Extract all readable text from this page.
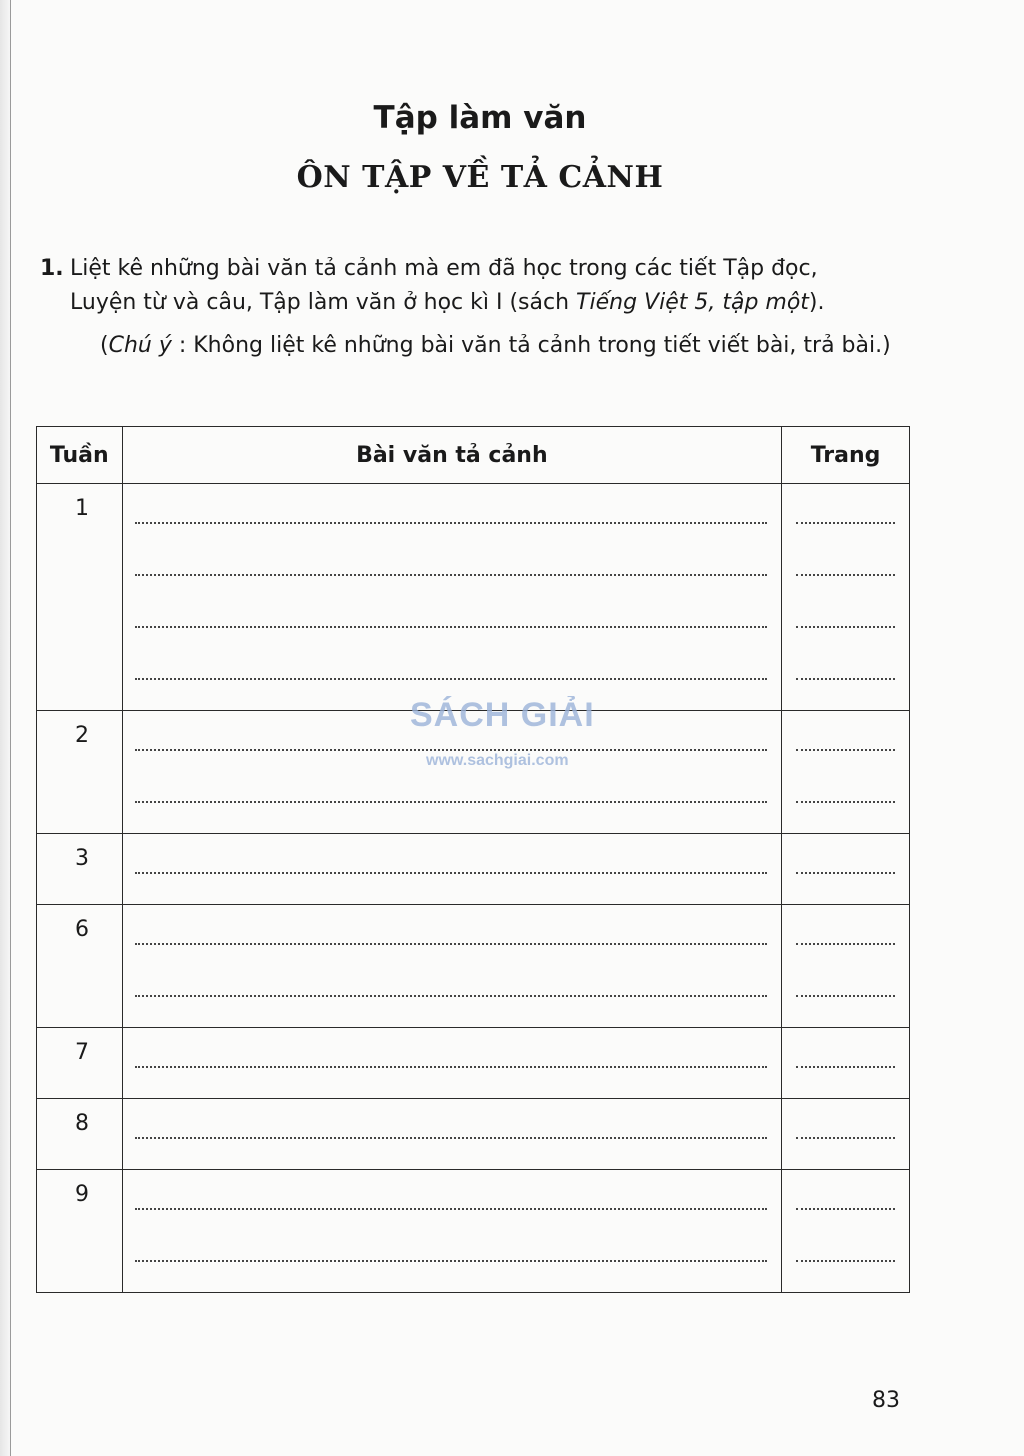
Tập làm văn
ÔN TẬP VỀ TẢ CẢNH
1. Liệt kê những bài văn tả cảnh mà em đã học trong các tiết Tập đọc,
Luyện từ và câu, Tập làm văn ở học kì I (sách Tiếng Việt 5, tập một).
(Chú ý : Không liệt kê những bài văn tả cảnh trong tiết viết bài, trả bài.)
Tuần	Bài văn tả cảnh	Trang

1		

2		

3		

6		

7		

8		

9		

SÁCH GIẢI
www.sachgiai.com
83
